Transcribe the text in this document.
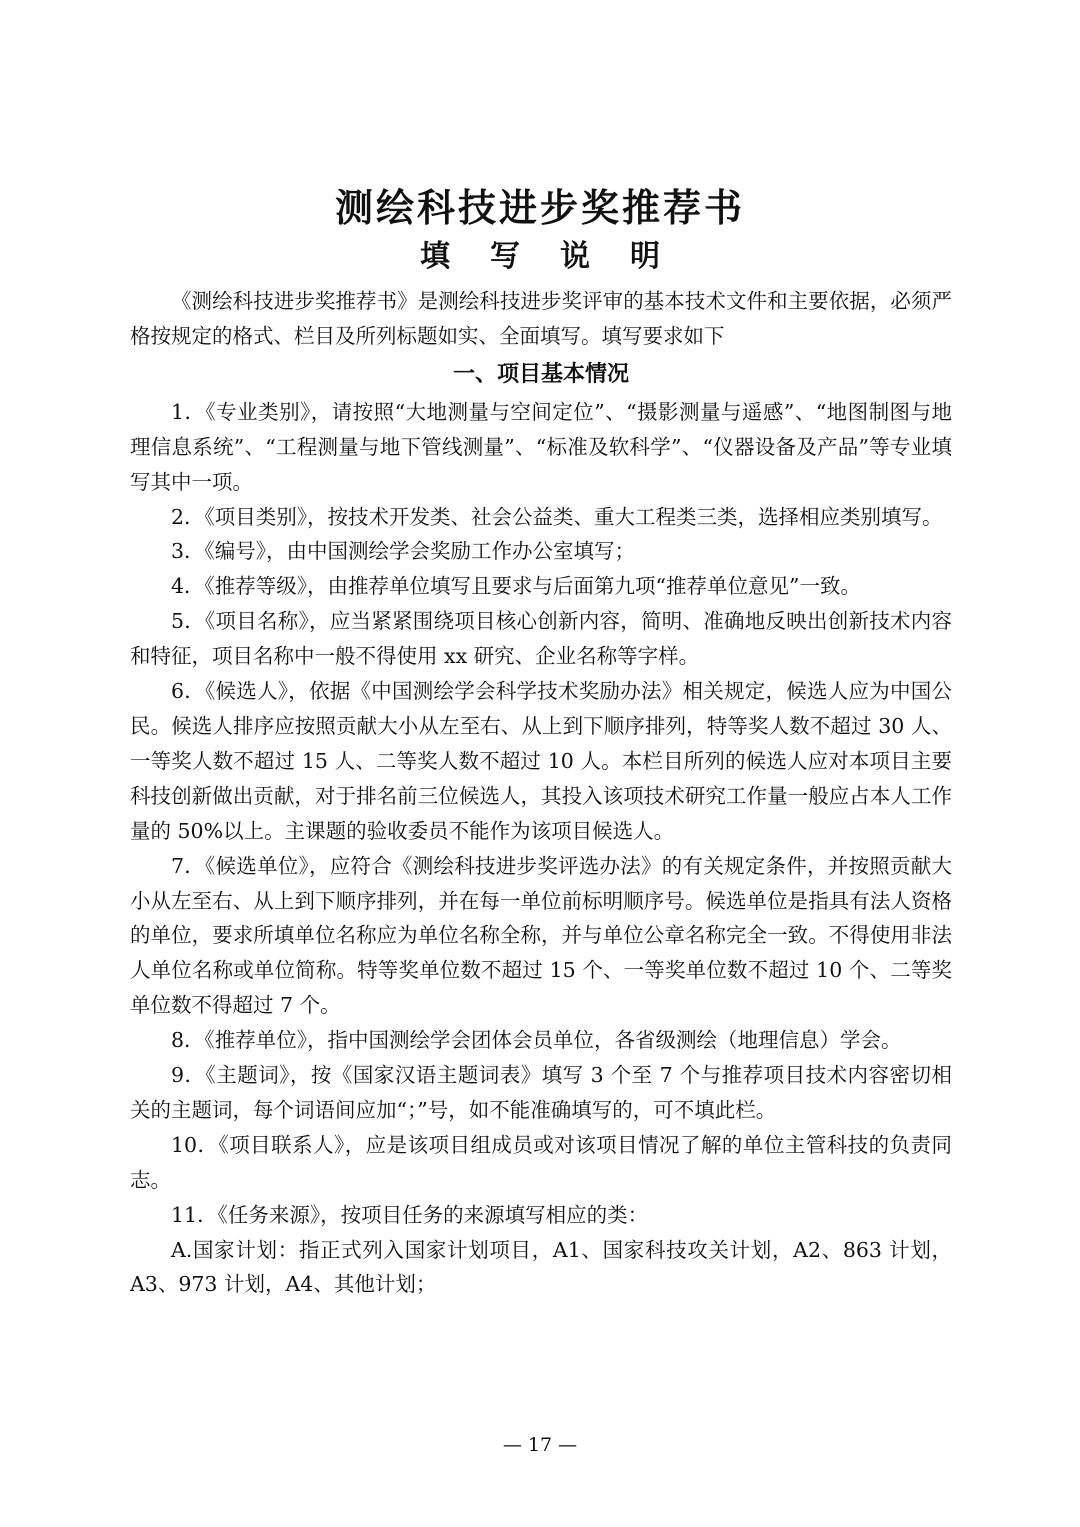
测绘科技进步奖推荐书
填写说明

《测绘科技进步奖推荐书》是测绘科技进步奖评审的基本技术文件和主要依据，必须严格按规定的格式、栏目及所列标题如实、全面填写。填写要求如下

一、项目基本情况

1．《专业类别》，请按照“大地测量与空间定位”、“摄影测量与遥感”、“地图制图与地理信息系统”、“工程测量与地下管线测量”、“标准及软科学”、“仪器设备及产品”等专业填写其中一项。

2．《项目类别》，按技术开发类、社会公益类、重大工程类三类，选择相应类别填写。

3．《编号》，由中国测绘学会奖励工作办公室填写；

4．《推荐等级》，由推荐单位填写且要求与后面第九项“推荐单位意见”一致。

5．《项目名称》，应当紧紧围绕项目核心创新内容，简明、准确地反映出创新技术内容和特征，项目名称中一般不得使用 xx 研究、企业名称等字样。

6．《候选人》，依据《中国测绘学会科学技术奖励办法》相关规定，候选人应为中国公民。候选人排序应按照贡献大小从左至右、从上到下顺序排列，特等奖人数不超过 30 人、一等奖人数不超过 15 人、二等奖人数不超过 10 人。本栏目所列的候选人应对本项目主要科技创新做出贡献，对于排名前三位候选人，其投入该项技术研究工作量一般应占本人工作量的 50%以上。主课题的验收委员不能作为该项目候选人。

7．《候选单位》，应符合《测绘科技进步奖评选办法》的有关规定条件，并按照贡献大小从左至右、从上到下顺序排列，并在每一单位前标明顺序号。候选单位是指具有法人资格的单位，要求所填单位名称应为单位名称全称，并与单位公章名称完全一致。不得使用非法人单位名称或单位简称。特等奖单位数不超过 15 个、一等奖单位数不超过 10 个、二等奖单位数不得超过 7 个。

8．《推荐单位》，指中国测绘学会团体会员单位，各省级测绘（地理信息）学会。

9．《主题词》，按《国家汉语主题词表》填写 3 个至 7 个与推荐项目技术内容密切相关的主题词，每个词语间应加“；”号，如不能准确填写的，可不填此栏。

10．《项目联系人》，应是该项目组成员或对该项目情况了解的单位主管科技的负责同志。

11．《任务来源》，按项目任务的来源填写相应的类：

A.国家计划：指正式列入国家计划项目，A1、国家科技攻关计划，A2、863 计划，A3、973 计划，A4、其他计划；

— 17 —
